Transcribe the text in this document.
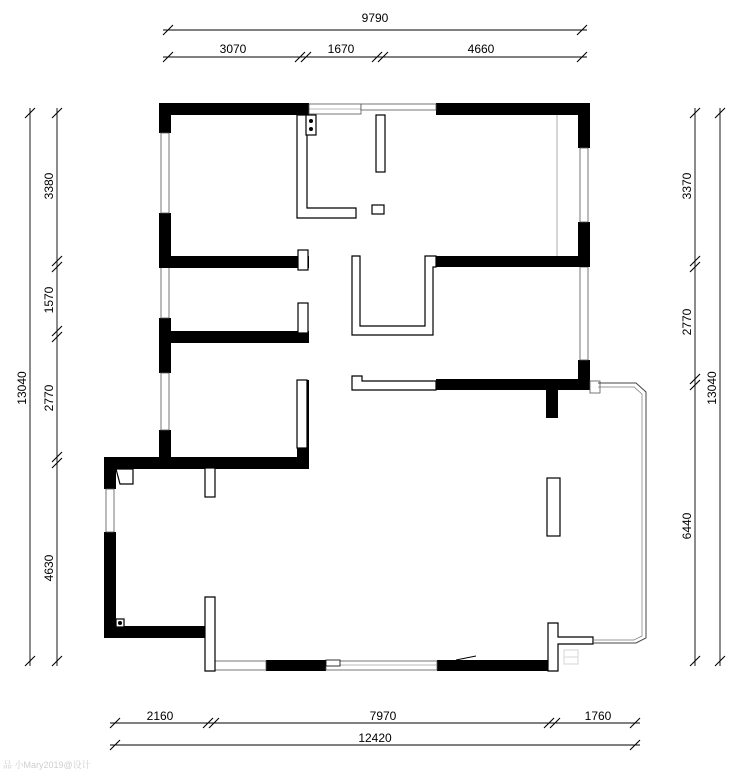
9790
3070	1670	4660
2160	7970	1760
12420
13040
3380
1570
2770
4630
3370
2770
6440
13040
品 小Mary2019@设计
